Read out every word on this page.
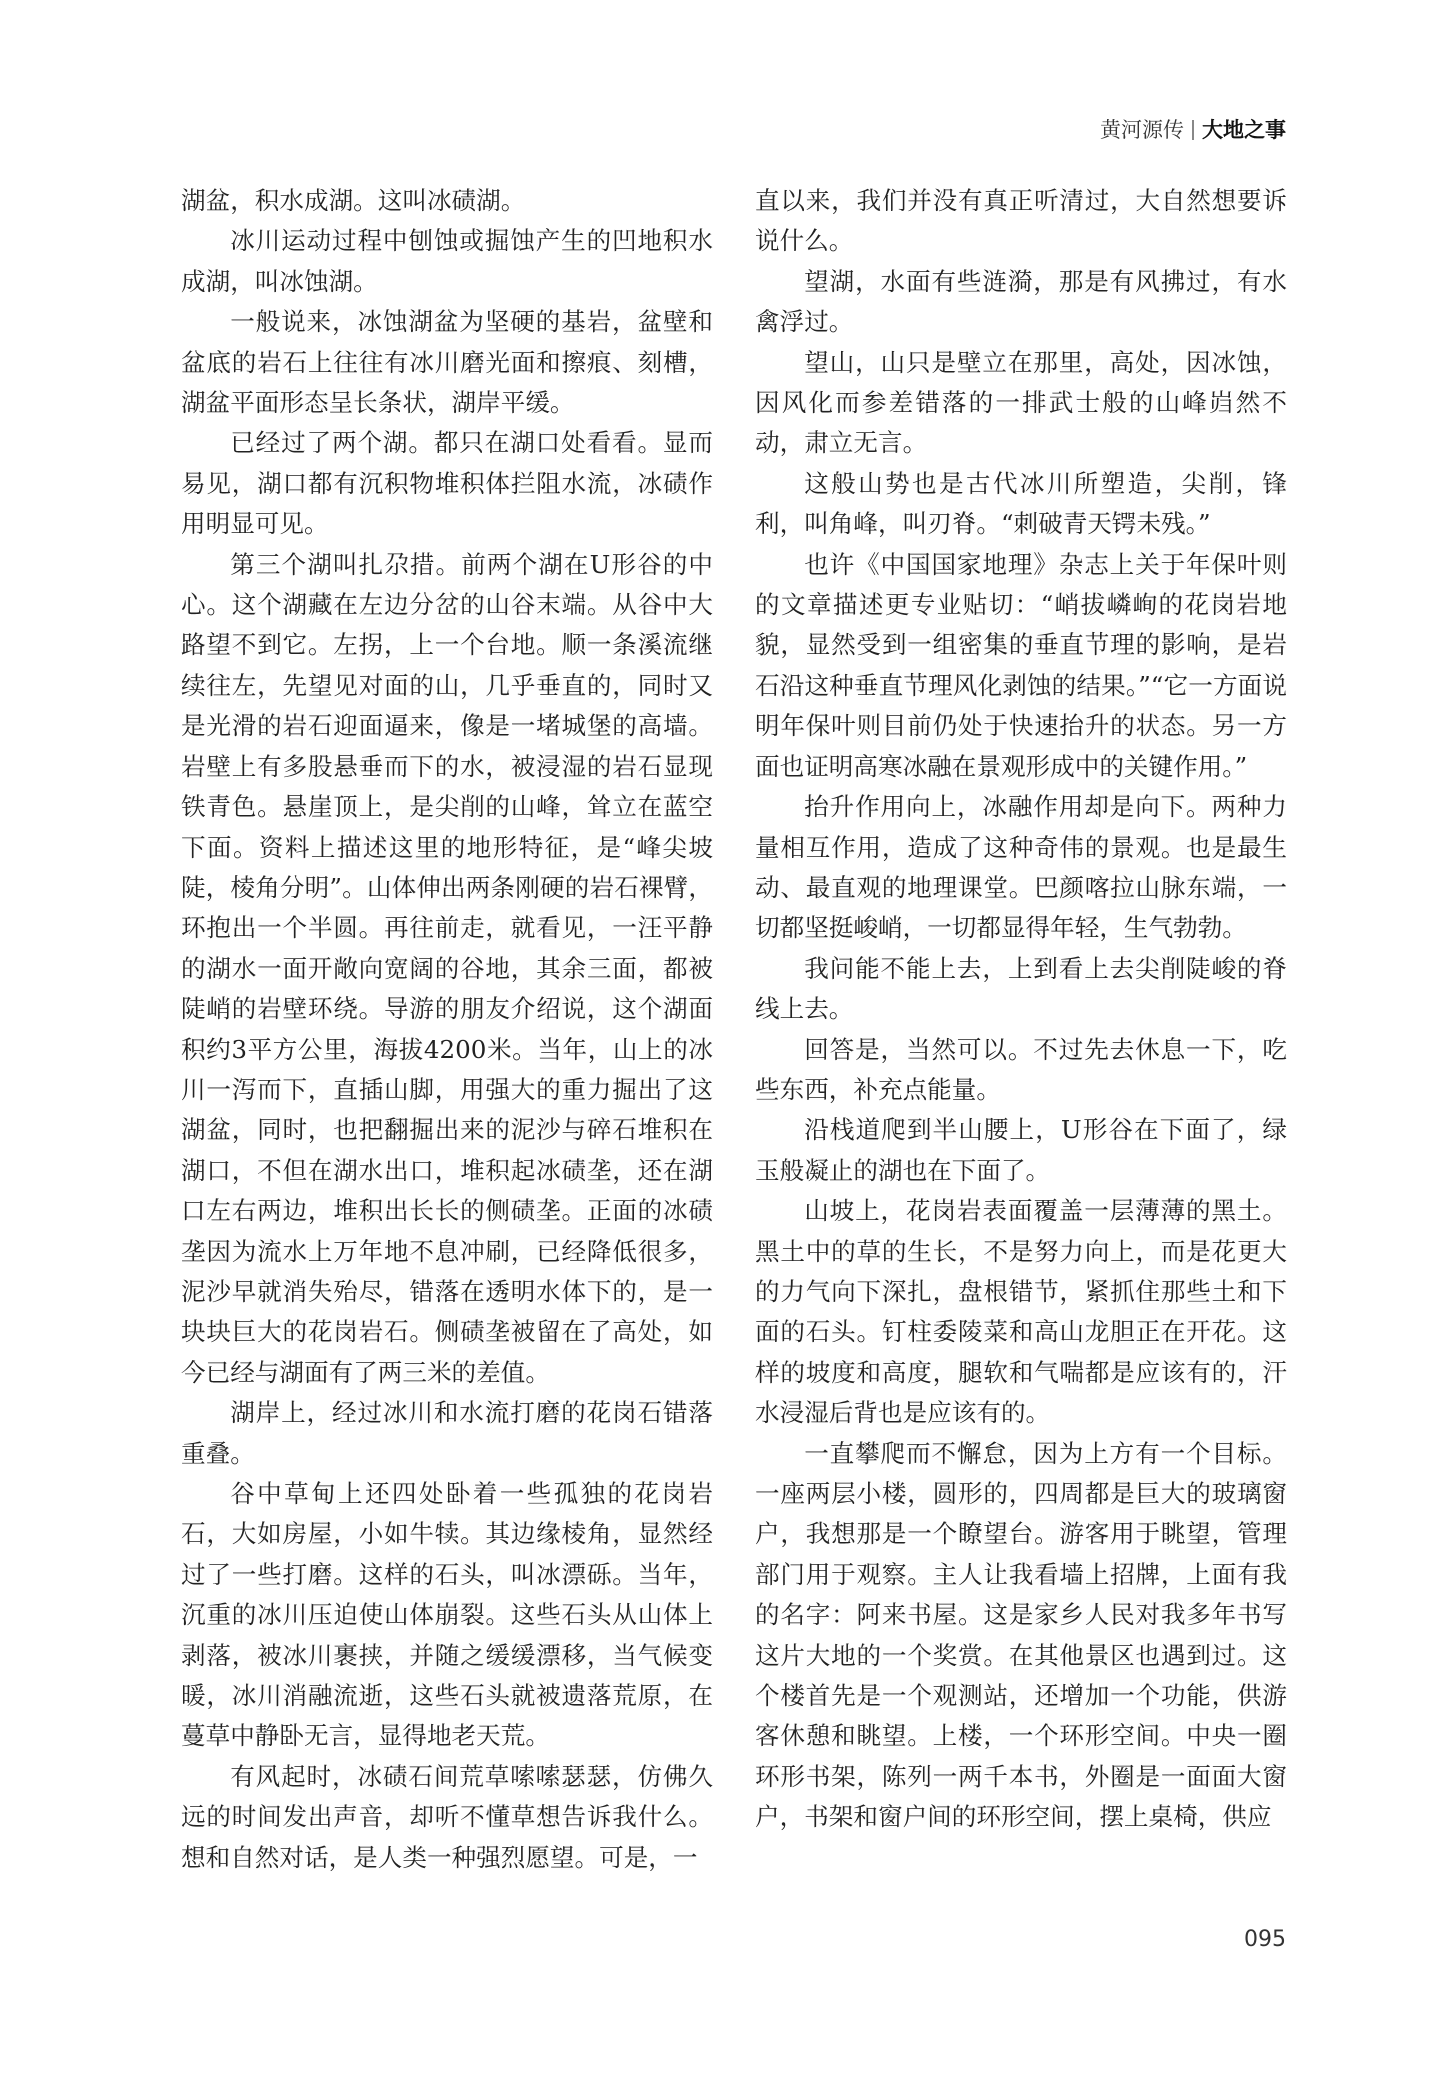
黄河源传 大地之事

湖盆，积水成湖。这叫冰碛湖。

冰川运动过程中刨蚀或掘蚀产生的凹地积水成湖，叫冰蚀湖。

一般说来，冰蚀湖盆为坚硬的基岩，盆壁和盆底的岩石上往往有冰川磨光面和擦痕、刻槽，湖盆平面形态呈长条状，湖岸平缓。

已经过了两个湖。都只在湖口处看看。显而易见，湖口都有沉积物堆积体拦阻水流，冰碛作用明显可见。

第三个湖叫扎尕措。前两个湖在U形谷的中心。这个湖藏在左边分岔的山谷末端。从谷中大路望不到它。左拐，上一个台地。顺一条溪流继续往左，先望见对面的山，几乎垂直的，同时又是光滑的岩石迎面逼来，像是一堵城堡的高墙。岩壁上有多股悬垂而下的水，被浸湿的岩石显现铁青色。悬崖顶上，是尖削的山峰，耸立在蓝空下面。资料上描述这里的地形特征，是“峰尖坡陡，棱角分明”。山体伸出两条刚硬的岩石裸臂，环抱出一个半圆。再往前走，就看见，一汪平静的湖水一面开敞向宽阔的谷地，其余三面，都被陡峭的岩壁环绕。导游的朋友介绍说，这个湖面积约3平方公里，海拔4200米。当年，山上的冰川一泻而下，直插山脚，用强大的重力掘出了这湖盆，同时，也把翻掘出来的泥沙与碎石堆积在湖口，不但在湖水出口，堆积起冰碛垄，还在湖口左右两边，堆积出长长的侧碛垄。正面的冰碛垄因为流水上万年地不息冲刷，已经降低很多，泥沙早就消失殆尽，错落在透明水体下的，是一块块巨大的花岗岩石。侧碛垄被留在了高处，如今已经与湖面有了两三米的差值。

湖岸上，经过冰川和水流打磨的花岗石错落重叠。

谷中草甸上还四处卧着一些孤独的花岗岩石，大如房屋，小如牛犊。其边缘棱角，显然经过了一些打磨。这样的石头，叫冰漂砾。当年，沉重的冰川压迫使山体崩裂。这些石头从山体上剥落，被冰川裹挟，并随之缓缓漂移，当气候变暖，冰川消融流逝，这些石头就被遗落荒原，在蔓草中静卧无言，显得地老天荒。

有风起时，冰碛石间荒草嗦嗦瑟瑟，仿佛久远的时间发出声音，却听不懂草想告诉我什么。想和自然对话，是人类一种强烈愿望。可是，一

直以来，我们并没有真正听清过，大自然想要诉说什么。

望湖，水面有些涟漪，那是有风拂过，有水禽浮过。

望山，山只是壁立在那里，高处，因冰蚀，因风化而参差错落的一排武士般的山峰岿然不动，肃立无言。

这般山势也是古代冰川所塑造，尖削，锋利，叫角峰，叫刃脊。“刺破青天锷未残。”

也许《中国国家地理》杂志上关于年保叶则的文章描述更专业贴切：“峭拔嶙峋的花岗岩地貌，显然受到一组密集的垂直节理的影响，是岩石沿这种垂直节理风化剥蚀的结果。”“它一方面说明年保叶则目前仍处于快速抬升的状态。另一方面也证明高寒冰融在景观形成中的关键作用。”

抬升作用向上，冰融作用却是向下。两种力量相互作用，造成了这种奇伟的景观。也是最生动、最直观的地理课堂。巴颜喀拉山脉东端，一切都坚挺峻峭，一切都显得年轻，生气勃勃。

我问能不能上去，上到看上去尖削陡峻的脊线上去。

回答是，当然可以。不过先去休息一下，吃些东西，补充点能量。

沿栈道爬到半山腰上，U形谷在下面了，绿玉般凝止的湖也在下面了。

山坡上，花岗岩表面覆盖一层薄薄的黑土。黑土中的草的生长，不是努力向上，而是花更大的力气向下深扎，盘根错节，紧抓住那些土和下面的石头。钉柱委陵菜和高山龙胆正在开花。这样的坡度和高度，腿软和气喘都是应该有的，汗水浸湿后背也是应该有的。

一直攀爬而不懈怠，因为上方有一个目标。一座两层小楼，圆形的，四周都是巨大的玻璃窗户，我想那是一个瞭望台。游客用于眺望，管理部门用于观察。主人让我看墙上招牌，上面有我的名字：阿来书屋。这是家乡人民对我多年书写这片大地的一个奖赏。在其他景区也遇到过。这个楼首先是一个观测站，还增加一个功能，供游客休憩和眺望。上楼，一个环形空间。中央一圈环形书架，陈列一两千本书，外圈是一面面大窗户，书架和窗户间的环形空间，摆上桌椅，供应

095
